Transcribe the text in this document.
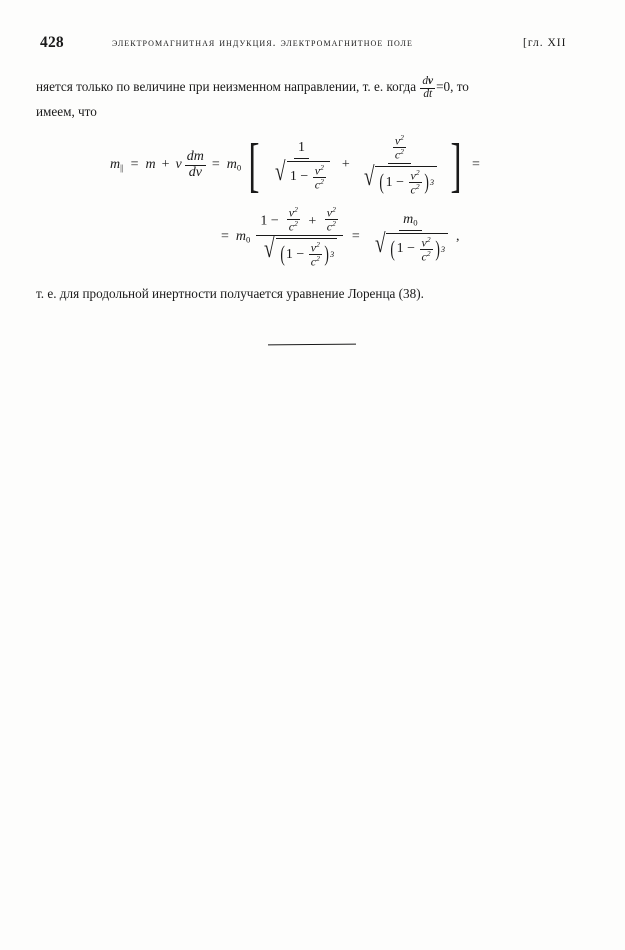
428	электромагнитная индукция. электромагнитное поле	[гл. XII
няется только по величине при неизменном направлении, т. е. когда $\frac{dv}{dt} =0$, то
имеем, что
$m_{||} = m + v \frac{dm}{dv} = m_0$ [	1
√ 1 −
$\frac{v^2}{c^2}$ +
$\frac{v^2}{c^2}$
√ ( 1 −
$\frac{v^2}{c^2}$ ) 3 ] =
= $m_0$
$1 - \frac{v^2}{c^2} + \frac{v^2}{c^2}$
√ ( 1 −
$\frac{v^2}{c^2}$ ) 3
=
$m_0$
√ ( 1 −
$\frac{v^2}{c^2}$ ) 3
,
т. е. для продольной инертности получается уравнение Лоренца (38).
